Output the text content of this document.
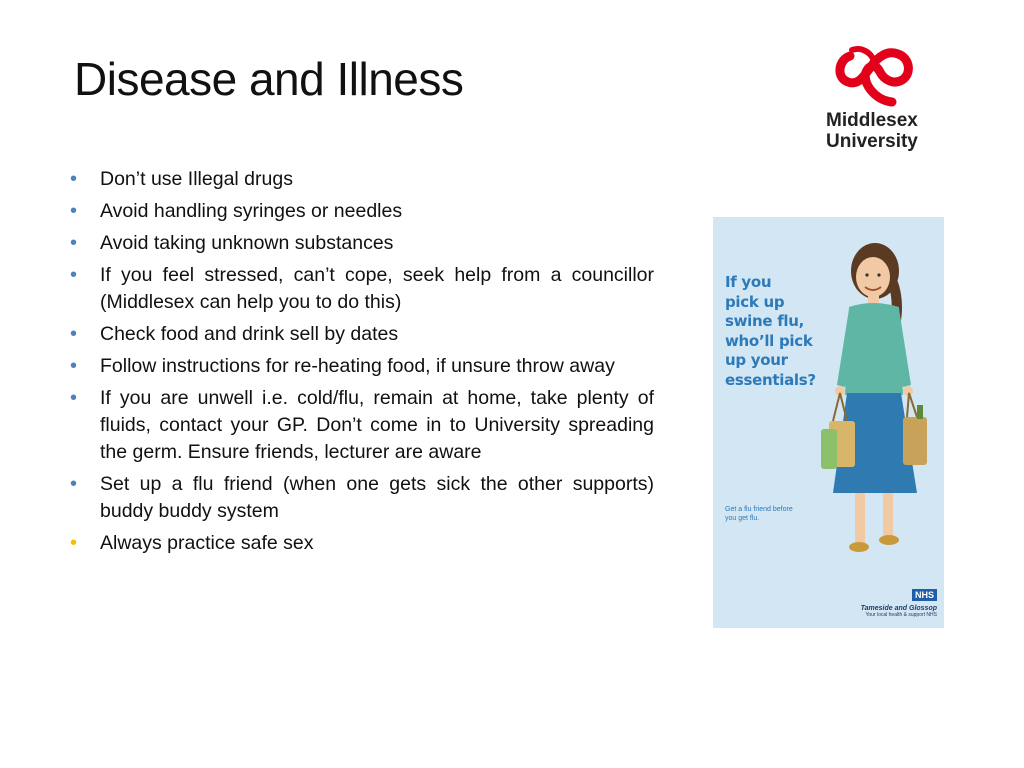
Disease and Illness
Middlesex
University
• Don’t use Illegal drugs
• Avoid handling syringes or needles
• Avoid taking unknown substances
• If you feel stressed, can’t cope, seek help from a councillor (Middlesex can help you to do this)
• Check food and drink sell by dates
• Follow instructions for re-heating food, if unsure throw away
• If you are unwell i.e. cold/flu, remain at home, take plenty of fluids, contact your GP. Don’t come in to University spreading the germ. Ensure friends, lecturer are aware
• Set up a flu friend (when one gets sick the other supports) buddy buddy system
• Always practice safe sex
If you
pick up
swine flu,
who’ll pick
up your
essentials?
Get a flu friend before you get flu.
NHS
Tameside and Glossop
Your local health & support NHS
